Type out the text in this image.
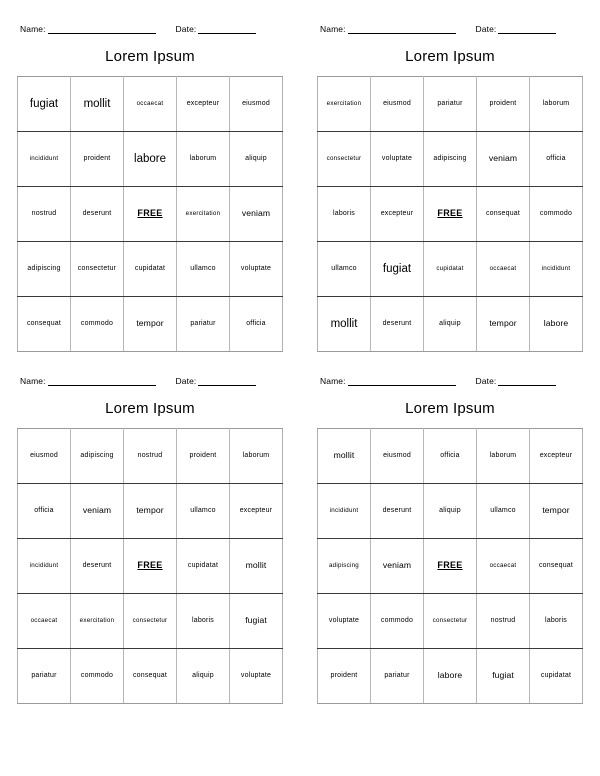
Name:	Date:
Lorem Ipsum
fugiat	mollit	occaecat	excepteur	eiusmod
incididunt	proident	labore	laborum	aliquip
nostrud	deserunt	FREE	exercitation	veniam
adipiscing	consectetur	cupidatat	ullamco	voluptate
consequat	commodo	tempor	pariatur	officia
Name:	Date:
Lorem Ipsum
exercitation	eiusmod	pariatur	proident	laborum
consectetur	voluptate	adipiscing	veniam	officia
laboris	excepteur	FREE	consequat	commodo
ullamco	fugiat	cupidatat	occaecat	incididunt
mollit	deserunt	aliquip	tempor	labore
Name:	Date:
Lorem Ipsum
eiusmod	adipiscing	nostrud	proident	laborum
officia	veniam	tempor	ullamco	excepteur
incididunt	deserunt	FREE	cupidatat	mollit
occaecat	exercitation	consectetur	laboris	fugiat
pariatur	commodo	consequat	aliquip	voluptate
Name:	Date:
Lorem Ipsum
mollit	eiusmod	officia	laborum	excepteur
incididunt	deserunt	aliquip	ullamco	tempor
adipiscing	veniam	FREE	occaecat	consequat
voluptate	commodo	consectetur	nostrud	laboris
proident	pariatur	labore	fugiat	cupidatat
